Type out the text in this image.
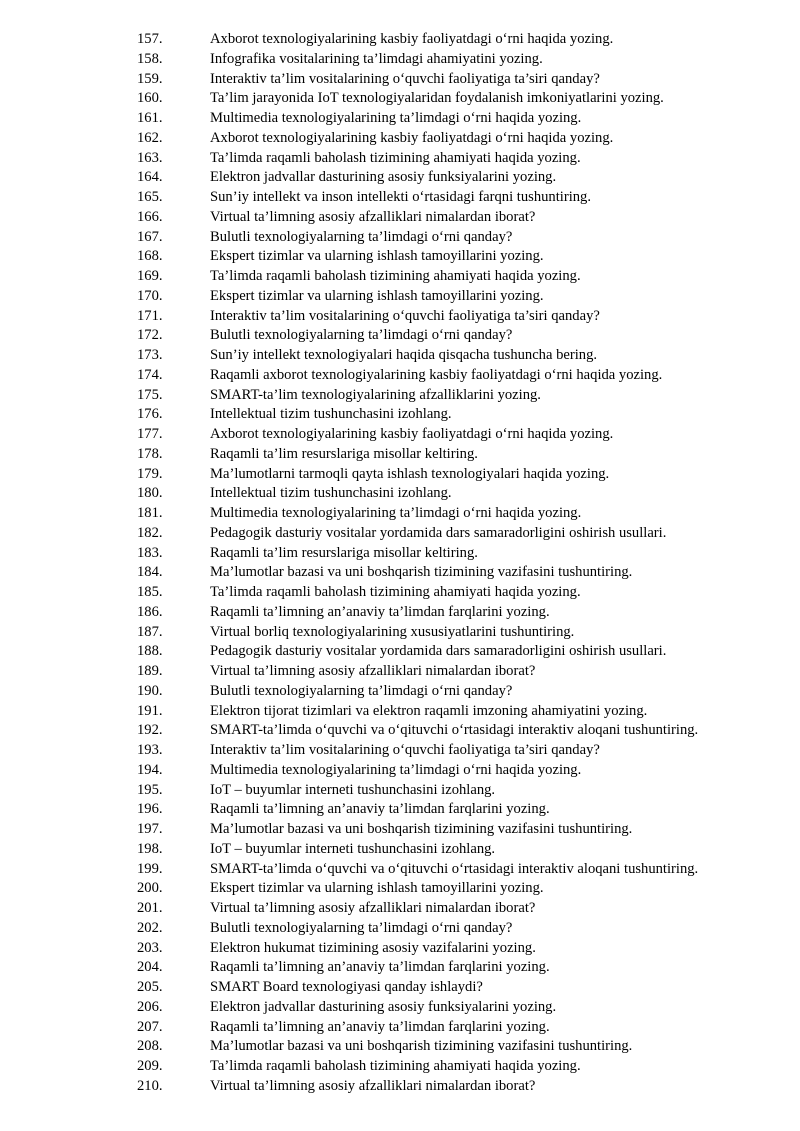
157.	Axborot texnologiyalarining kasbiy faoliyatdagi o‘rni haqida yozing.
158.	Infografika vositalarining ta’limdagi ahamiyatini yozing.
159.	Interaktiv ta’lim vositalarining o‘quvchi faoliyatiga ta’siri qanday?
160.	Ta’lim jarayonida IoT texnologiyalaridan foydalanish imkoniyatlarini yozing.
161.	Multimedia texnologiyalarining ta’limdagi o‘rni haqida yozing.
162.	Axborot texnologiyalarining kasbiy faoliyatdagi o‘rni haqida yozing.
163.	Ta’limda raqamli baholash tizimining ahamiyati haqida yozing.
164.	Elektron jadvallar dasturining asosiy funksiyalarini yozing.
165.	Sun’iy intellekt va inson intellekti o‘rtasidagi farqni tushuntiring.
166.	Virtual ta’limning asosiy afzalliklari nimalardan iborat?
167.	Bulutli texnologiyalarning ta’limdagi o‘rni qanday?
168.	Ekspert tizimlar va ularning ishlash tamoyillarini yozing.
169.	Ta’limda raqamli baholash tizimining ahamiyati haqida yozing.
170.	Ekspert tizimlar va ularning ishlash tamoyillarini yozing.
171.	Interaktiv ta’lim vositalarining o‘quvchi faoliyatiga ta’siri qanday?
172.	Bulutli texnologiyalarning ta’limdagi o‘rni qanday?
173.	Sun’iy intellekt texnologiyalari haqida qisqacha tushuncha bering.
174.	Raqamli axborot texnologiyalarining kasbiy faoliyatdagi o‘rni haqida yozing.
175.	SMART-ta’lim texnologiyalarining afzalliklarini yozing.
176.	Intellektual tizim tushunchasini izohlang.
177.	Axborot texnologiyalarining kasbiy faoliyatdagi o‘rni haqida yozing.
178.	Raqamli ta’lim resurslariga misollar keltiring.
179.	Ma’lumotlarni tarmoqli qayta ishlash texnologiyalari haqida yozing.
180.	Intellektual tizim tushunchasini izohlang.
181.	Multimedia texnologiyalarining ta’limdagi o‘rni haqida yozing.
182.	Pedagogik dasturiy vositalar yordamida dars samaradorligini oshirish usullari.
183.	Raqamli ta’lim resurslariga misollar keltiring.
184.	Ma’lumotlar bazasi va uni boshqarish tizimining vazifasini tushuntiring.
185.	Ta’limda raqamli baholash tizimining ahamiyati haqida yozing.
186.	Raqamli ta’limning an’anaviy ta’limdan farqlarini yozing.
187.	Virtual borliq texnologiyalarining xususiyatlarini tushuntiring.
188.	Pedagogik dasturiy vositalar yordamida dars samaradorligini oshirish usullari.
189.	Virtual ta’limning asosiy afzalliklari nimalardan iborat?
190.	Bulutli texnologiyalarning ta’limdagi o‘rni qanday?
191.	Elektron tijorat tizimlari va elektron raqamli imzoning ahamiyatini yozing.
192.	SMART-ta’limda o‘quvchi va o‘qituvchi o‘rtasidagi interaktiv aloqani tushuntiring.
193.	Interaktiv ta’lim vositalarining o‘quvchi faoliyatiga ta’siri qanday?
194.	Multimedia texnologiyalarining ta’limdagi o‘rni haqida yozing.
195.	IoT – buyumlar interneti tushunchasini izohlang.
196.	Raqamli ta’limning an’anaviy ta’limdan farqlarini yozing.
197.	Ma’lumotlar bazasi va uni boshqarish tizimining vazifasini tushuntiring.
198.	IoT – buyumlar interneti tushunchasini izohlang.
199.	SMART-ta’limda o‘quvchi va o‘qituvchi o‘rtasidagi interaktiv aloqani tushuntiring.
200.	Ekspert tizimlar va ularning ishlash tamoyillarini yozing.
201.	Virtual ta’limning asosiy afzalliklari nimalardan iborat?
202.	Bulutli texnologiyalarning ta’limdagi o‘rni qanday?
203.	Elektron hukumat tizimining asosiy vazifalarini yozing.
204.	Raqamli ta’limning an’anaviy ta’limdan farqlarini yozing.
205.	SMART Board texnologiyasi qanday ishlaydi?
206.	Elektron jadvallar dasturining asosiy funksiyalarini yozing.
207.	Raqamli ta’limning an’anaviy ta’limdan farqlarini yozing.
208.	Ma’lumotlar bazasi va uni boshqarish tizimining vazifasini tushuntiring.
209.	Ta’limda raqamli baholash tizimining ahamiyati haqida yozing.
210.	Virtual ta’limning asosiy afzalliklari nimalardan iborat?
